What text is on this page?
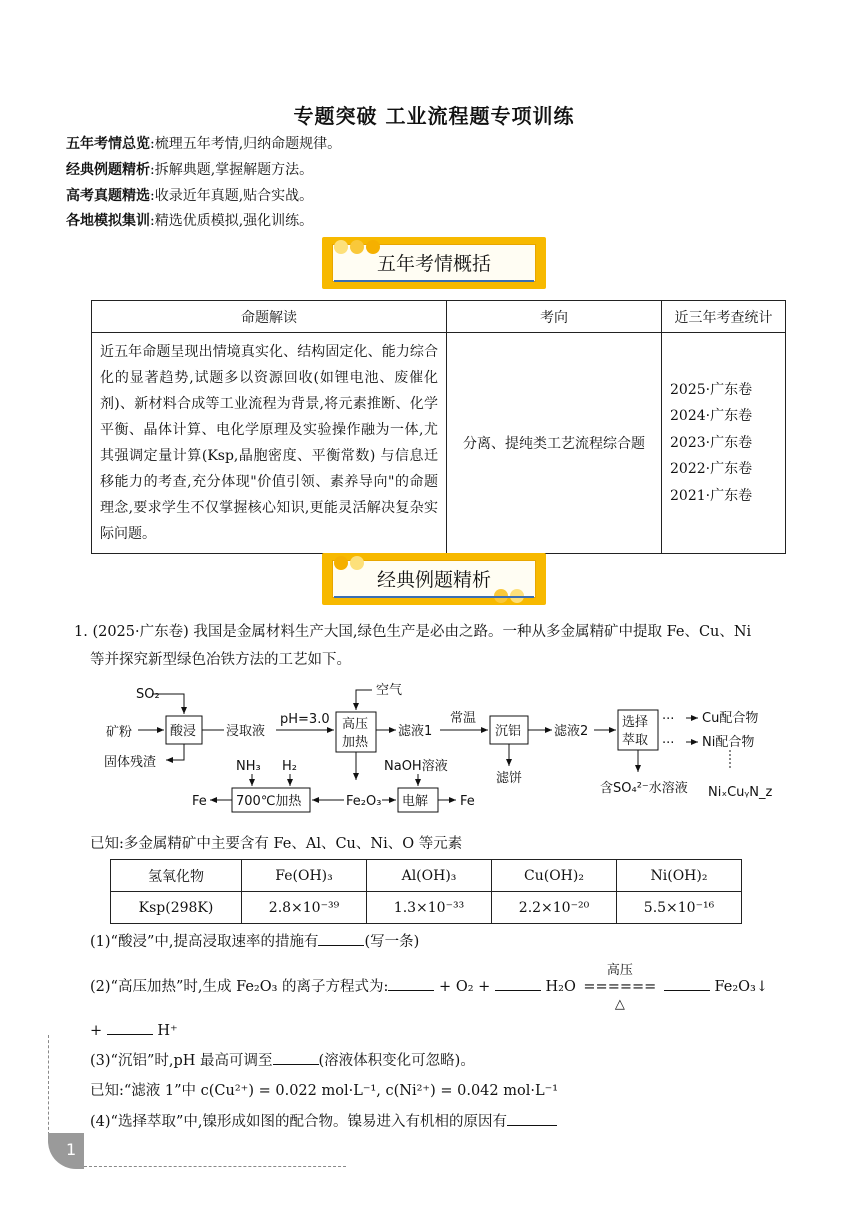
专题突破 工业流程题专项训练
五年考情总览:梳理五年考情,归纳命题规律。
经典例题精析:拆解典题,掌握解题方法。
高考真题精选:收录近年真题,贴合实战。
各地模拟集训:精选优质模拟,强化训练。
五年考情概括
命题解读	考向	近三年考查统计
近五年命题呈现出情境真实化、结构固定化、能力综合化的显著趋势,试题多以资源回收(如锂电池、废催化剂)、新材料合成等工业流程为背景,将元素推断、化学平衡、晶体计算、电化学原理及实验操作融为一体,尤其强调定量计算(Ksp,晶胞密度、平衡常数) 与信息迁移能力的考查,充分体现"价值引领、素养导向"的命题理念,要求学生不仅掌握核心知识,更能灵活解决复杂实际问题。	分离、提纯类工艺流程综合题	2025·广东卷
2024·广东卷
2023·广东卷
2022·广东卷
2021·广东卷
经典例题精析
1. (2025·广东卷) 我国是金属材料生产大国,绿色生产是必由之路。一种从多金属精矿中提取 Fe、Cu、Ni
等并探究新型绿色冶铁方法的工艺如下。
SO₂
矿粉	酸浸 浸取液
pH=3.0
空气
高压
加热
滤液1
常温
沉铝	滤液2
选择
萃取
···
···
Cu配合物
Ni配合物
固体残渣	NH₃ H₂
700℃加热
Fe	Fe₂O₃
NaOH溶液
电解 Fe
滤饼
含SO₄²⁻水溶液 NiₓCuᵧN_z
已知:多金属精矿中主要含有 Fe、Al、Cu、Ni、O 等元素
氢氧化物	Fe(OH)₃	Al(OH)₃	Cu(OH)₂	Ni(OH)₂
Ksp(298K)	2.8×10⁻³⁹	1.3×10⁻³³	2.2×10⁻²⁰	5.5×10⁻¹⁶
(1)“酸浸”中,提高浸取速率的措施有	(写一条)
(2)“高压加热”时,生成 Fe₂O₃ 的离子方程式为:	+ O₂ +	H₂O
高压
======
△
Fe₂O₃↓
+	H⁺
(3)“沉铝”时,pH 最高可调至	(溶液体积变化可忽略)。
已知:“滤液 1”中 c(Cu²⁺) = 0.022 mol·L⁻¹, c(Ni²⁺) = 0.042 mol·L⁻¹
(4)“选择萃取”中,镍形成如图的配合物。镍易进入有机相的原因有
1
